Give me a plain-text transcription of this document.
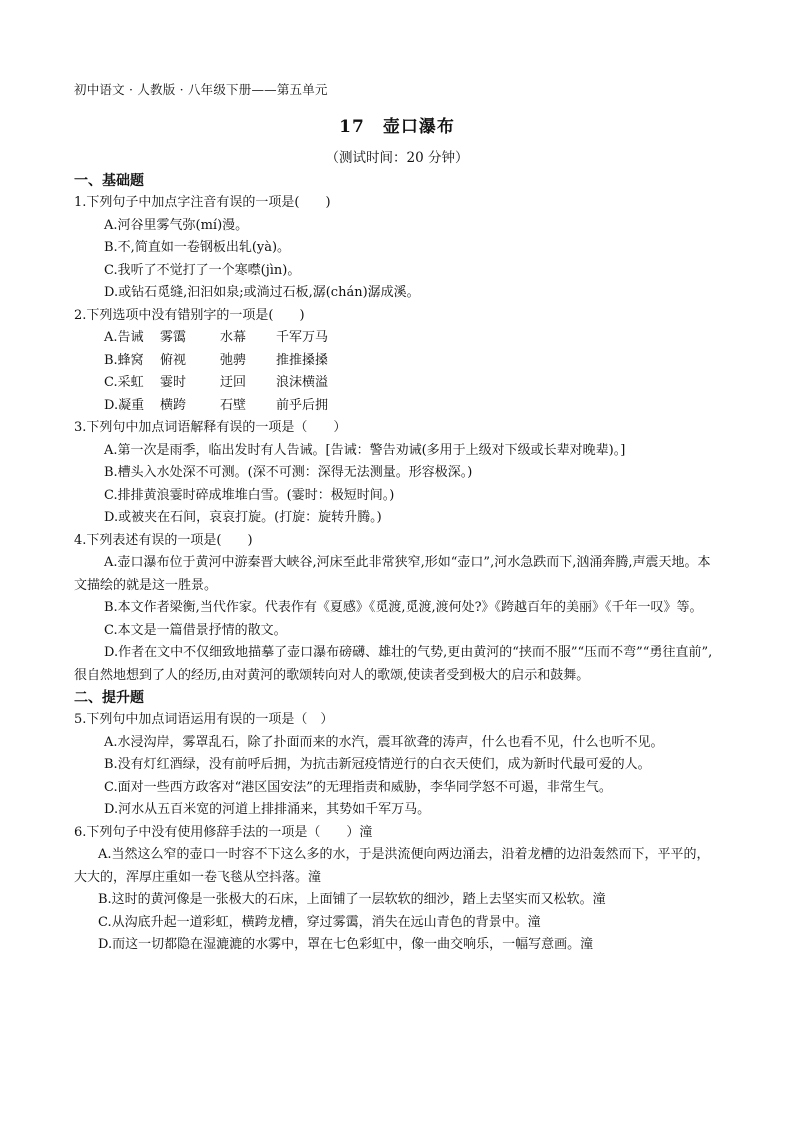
初中语文 · 人教版 · 八年级下册——第五单元
17　壶口瀑布
（测试时间：20 分钟）

一、基础题

1.下列句子中加点字注音有误的一项是(　　)

A.河谷里雾气弥(mí)漫。

B.不,简直如一卷钢板出轧(yà)。

C.我听了不觉打了一个寒噤(jìn)。

D.或钻石觅缝,汩汩如泉;或淌过石板,潺(chán)潺成溪。

2.下列选项中没有错别字的一项是(　　)

A.告诫	雾霭	水幕	千军万马
B.蜂窝	俯视	弛骋	推推搡搡
C.采虹	霎时	迂回	浪沫横溢
D.凝重	横跨	石壁	前乎后拥

3.下列句中加点词语解释有误的一项是（　　）

A.第一次是雨季，临出发时有人告诫。[告诫：警告劝诫(多用于上级对下级或长辈对晚辈)。]

B.槽头入水处深不可测。(深不可测：深得无法测量。形容极深。)

C.排排黄浪霎时碎成堆堆白雪。(霎时：极短时间。)

D.或被夹在石间，哀哀打旋。(打旋：旋转升腾。)

4.下列表述有误的一项是(　　)

A.壶口瀑布位于黄河中游秦晋大峡谷,河床至此非常狭窄,形如“壶口”,河水急跌而下,汹涌奔腾,声震天地。本文描绘的就是这一胜景。

B.本文作者梁衡,当代作家。代表作有《夏感》《觅渡,觅渡,渡何处?》《跨越百年的美丽》《千年一叹》等。

C.本文是一篇借景抒情的散文。

D.作者在文中不仅细致地描摹了壶口瀑布磅礴、雄壮的气势,更由黄河的“挟而不服”“压而不弯”“勇往直前”,很自然地想到了人的经历,由对黄河的歌颂转向对人的歌颂,使读者受到极大的启示和鼓舞。

二、提升题

5.下列句中加点词语运用有误的一项是（　）

A.水浸沟岸，雾罩乱石，除了扑面而来的水汽，震耳欲聋的涛声，什么也看不见，什么也听不见。

B.没有灯红酒绿，没有前呼后拥，为抗击新冠疫情逆行的白衣天使们，成为新时代最可爱的人。

C.面对一些西方政客对“港区国安法”的无理指责和威胁，李华同学怒不可遏，非常生气。

D.河水从五百米宽的河道上排排涌来，其势如千军万马。

6.下列句子中没有使用修辞手法的一项是（　　）潼

A.当然这么窄的壶口一时容不下这么多的水，于是洪流便向两边涌去，沿着龙槽的边沿轰然而下，平平的，大大的，浑厚庄重如一卷飞毯从空抖落。潼

B.这时的黄河像是一张极大的石床，上面铺了一层软软的细沙，踏上去坚实而又松软。潼

C.从沟底升起一道彩虹，横跨龙槽，穿过雾霭，消失在远山青色的背景中。潼

D.而这一切都隐在湿漉漉的水雾中，罩在七色彩虹中，像一曲交响乐，一幅写意画。潼
